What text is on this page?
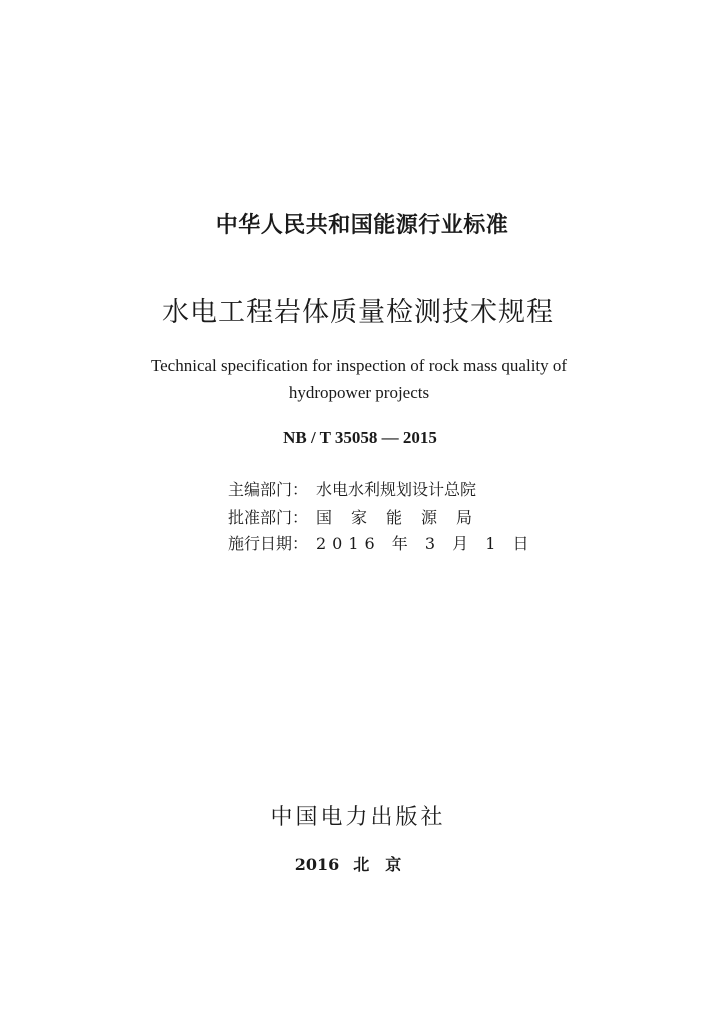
中华人民共和国能源行业标准
水电工程岩体质量检测技术规程
Technical specification for inspection of rock mass quality of
hydropower projects
NB / T 35058 — 2015
主编部门： 水电水利规划设计总院
批准部门： 国家能源局
施行日期： 2016 年 3 月 1 日
中国电力出版社
2016 北京
